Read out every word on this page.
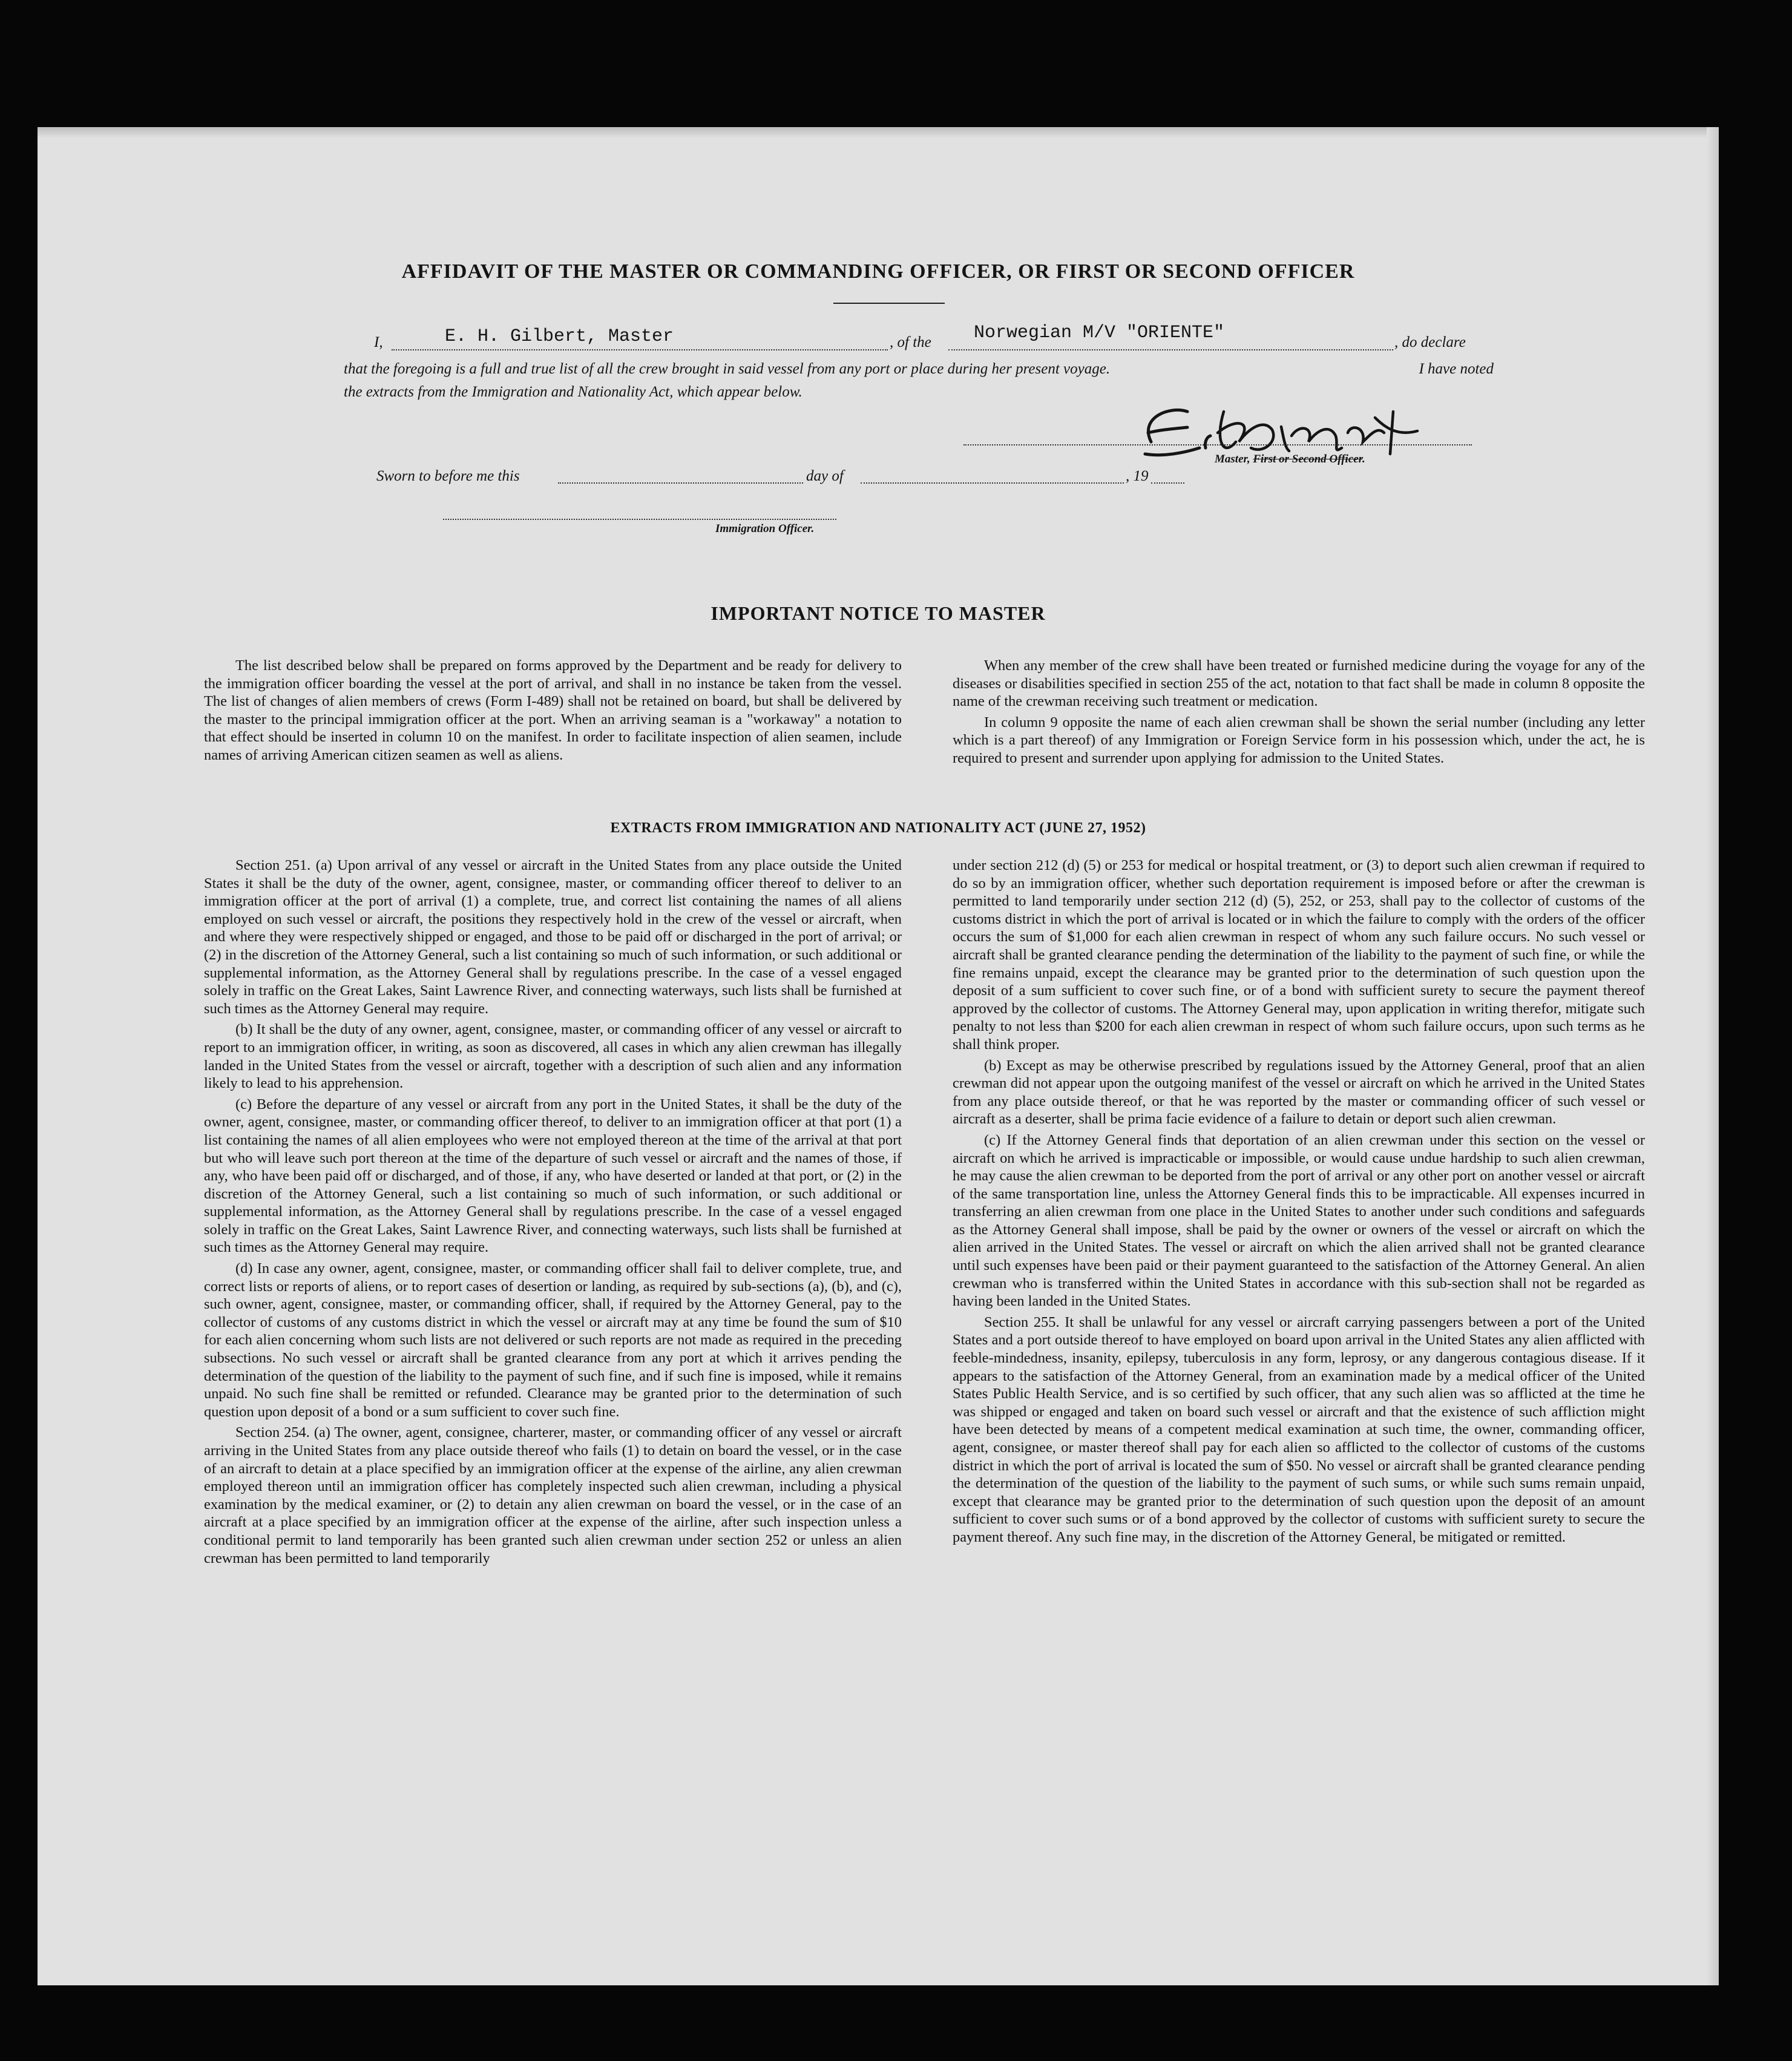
AFFIDAVIT OF THE MASTER OR COMMANDING OFFICER, OR FIRST OR SECOND OFFICER
I,	E. H. Gilbert, Master	, of the Norwegian M/V "ORIENTE"	, do declare
that the foregoing is a full and true list of all the crew brought in said vessel from any port or place during her present voyage.	I have noted
the extracts from the Immigration and Nationality Act, which appear below.
Master, First or Second Officer.
Sworn to before me this	day of	, 19
Immigration Officer.
IMPORTANT NOTICE TO MASTER

The list described below shall be prepared on forms approved by the Department and be ready for delivery to the immigration officer boarding the vessel at the port of arrival, and shall in no instance be taken from the vessel. The list of changes of alien members of crews (Form I-489) shall not be retained on board, but shall be delivered by the master to the principal immigration officer at the port. When an arriving seaman is a "workaway" a notation to that effect should be inserted in column 10 on the manifest. In order to facilitate inspection of alien seamen, include names of arriving American citizen seamen as well as aliens.

When any member of the crew shall have been treated or furnished medicine during the voyage for any of the diseases or disabilities specified in section 255 of the act, notation to that fact shall be made in column 8 opposite the name of the crewman receiving such treatment or medication.

In column 9 opposite the name of each alien crewman shall be shown the serial number (including any letter which is a part thereof) of any Immigration or Foreign Service form in his possession which, under the act, he is required to present and surrender upon applying for admission to the United States.

EXTRACTS FROM IMMIGRATION AND NATIONALITY ACT (JUNE 27, 1952)

Section 251. (a) Upon arrival of any vessel or aircraft in the United States from any place outside the United States it shall be the duty of the owner, agent, consignee, master, or commanding officer thereof to deliver to an immigration officer at the port of arrival (1) a complete, true, and correct list containing the names of all aliens employed on such vessel or aircraft, the positions they respectively hold in the crew of the vessel or aircraft, when and where they were respectively shipped or engaged, and those to be paid off or discharged in the port of arrival; or (2) in the discretion of the Attorney General, such a list containing so much of such information, or such additional or supplemental information, as the Attorney General shall by regulations prescribe. In the case of a vessel engaged solely in traffic on the Great Lakes, Saint Lawrence River, and connecting waterways, such lists shall be furnished at such times as the Attorney General may require.

(b) It shall be the duty of any owner, agent, consignee, master, or commanding officer of any vessel or aircraft to report to an immigration officer, in writing, as soon as discovered, all cases in which any alien crewman has illegally landed in the United States from the vessel or aircraft, together with a description of such alien and any information likely to lead to his apprehension.

(c) Before the departure of any vessel or aircraft from any port in the United States, it shall be the duty of the owner, agent, consignee, master, or commanding officer thereof, to deliver to an immigration officer at that port (1) a list containing the names of all alien employees who were not employed thereon at the time of the arrival at that port but who will leave such port thereon at the time of the departure of such vessel or aircraft and the names of those, if any, who have been paid off or discharged, and of those, if any, who have deserted or landed at that port, or (2) in the discretion of the Attorney General, such a list containing so much of such information, or such additional or supplemental information, as the Attorney General shall by regulations prescribe. In the case of a vessel engaged solely in traffic on the Great Lakes, Saint Lawrence River, and connecting waterways, such lists shall be furnished at such times as the Attorney General may require.

(d) In case any owner, agent, consignee, master, or commanding officer shall fail to deliver complete, true, and correct lists or reports of aliens, or to report cases of desertion or landing, as required by sub-sections (a), (b), and (c), such owner, agent, consignee, master, or commanding officer, shall, if required by the Attorney General, pay to the collector of customs of any customs district in which the vessel or aircraft may at any time be found the sum of $10 for each alien concerning whom such lists are not delivered or such reports are not made as required in the preceding subsections. No such vessel or aircraft shall be granted clearance from any port at which it arrives pending the determination of the question of the liability to the payment of such fine, and if such fine is imposed, while it remains unpaid. No such fine shall be remitted or refunded. Clearance may be granted prior to the determination of such question upon deposit of a bond or a sum sufficient to cover such fine.

Section 254. (a) The owner, agent, consignee, charterer, master, or commanding officer of any vessel or aircraft arriving in the United States from any place outside thereof who fails (1) to detain on board the vessel, or in the case of an aircraft to detain at a place specified by an immigration officer at the expense of the airline, any alien crewman employed thereon until an immigration officer has completely inspected such alien crewman, including a physical examination by the medical examiner, or (2) to detain any alien crewman on board the vessel, or in the case of an aircraft at a place specified by an immigration officer at the expense of the airline, after such inspection unless a conditional permit to land temporarily has been granted such alien crewman under section 252 or unless an alien crewman has been permitted to land temporarily

under section 212 (d) (5) or 253 for medical or hospital treatment, or (3) to deport such alien crewman if required to do so by an immigration officer, whether such deportation requirement is imposed before or after the crewman is permitted to land temporarily under section 212 (d) (5), 252, or 253, shall pay to the collector of customs of the customs district in which the port of arrival is located or in which the failure to comply with the orders of the officer occurs the sum of $1,000 for each alien crewman in respect of whom any such failure occurs. No such vessel or aircraft shall be granted clearance pending the determination of the liability to the payment of such fine, or while the fine remains unpaid, except the clearance may be granted prior to the determination of such question upon the deposit of a sum sufficient to cover such fine, or of a bond with sufficient surety to secure the payment thereof approved by the collector of customs. The Attorney General may, upon application in writing therefor, mitigate such penalty to not less than $200 for each alien crewman in respect of whom such failure occurs, upon such terms as he shall think proper.

(b) Except as may be otherwise prescribed by regulations issued by the Attorney General, proof that an alien crewman did not appear upon the outgoing manifest of the vessel or aircraft on which he arrived in the United States from any place outside thereof, or that he was reported by the master or commanding officer of such vessel or aircraft as a deserter, shall be prima facie evidence of a failure to detain or deport such alien crewman.

(c) If the Attorney General finds that deportation of an alien crewman under this section on the vessel or aircraft on which he arrived is impracticable or impossible, or would cause undue hardship to such alien crewman, he may cause the alien crewman to be deported from the port of arrival or any other port on another vessel or aircraft of the same transportation line, unless the Attorney General finds this to be impracticable. All expenses incurred in transferring an alien crewman from one place in the United States to another under such conditions and safeguards as the Attorney General shall impose, shall be paid by the owner or owners of the vessel or aircraft on which the alien arrived in the United States. The vessel or aircraft on which the alien arrived shall not be granted clearance until such expenses have been paid or their payment guaranteed to the satisfaction of the Attorney General. An alien crewman who is transferred within the United States in accordance with this sub-section shall not be regarded as having been landed in the United States.

Section 255. It shall be unlawful for any vessel or aircraft carrying passengers between a port of the United States and a port outside thereof to have employed on board upon arrival in the United States any alien afflicted with feeble-mindedness, insanity, epilepsy, tuberculosis in any form, leprosy, or any dangerous contagious disease. If it appears to the satisfaction of the Attorney General, from an examination made by a medical officer of the United States Public Health Service, and is so certified by such officer, that any such alien was so afflicted at the time he was shipped or engaged and taken on board such vessel or aircraft and that the existence of such affliction might have been detected by means of a competent medical examination at such time, the owner, commanding officer, agent, consignee, or master thereof shall pay for each alien so afflicted to the collector of customs of the customs district in which the port of arrival is located the sum of $50. No vessel or aircraft shall be granted clearance pending the determination of the question of the liability to the payment of such sums, or while such sums remain unpaid, except that clearance may be granted prior to the determination of such question upon the deposit of an amount sufficient to cover such sums or of a bond approved by the collector of customs with sufficient surety to secure the payment thereof. Any such fine may, in the discretion of the Attorney General, be mitigated or remitted.
